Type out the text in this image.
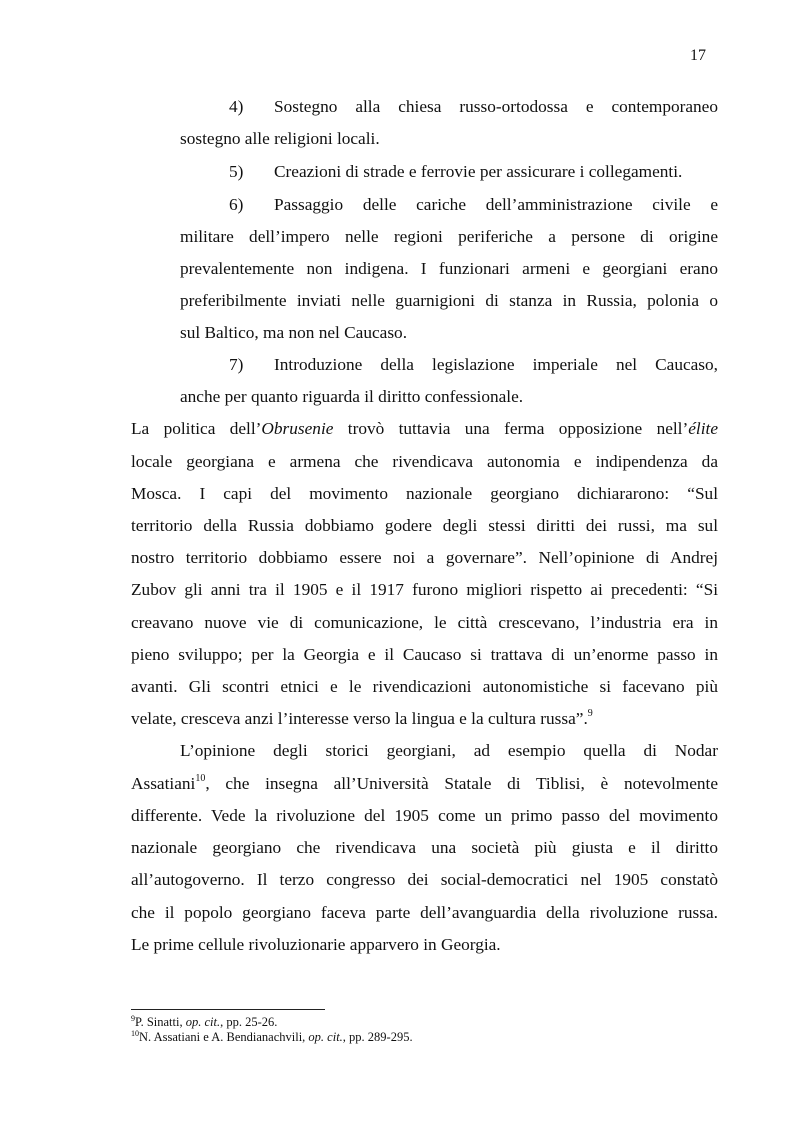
17
4) Sostegno alla chiesa russo-ortodossa e contemporaneo
sostegno alle religioni locali.
5) Creazioni di strade e ferrovie per assicurare i collegamenti.
6) Passaggio delle cariche dell’amministrazione civile e
militare dell’impero nelle regioni periferiche a persone di origine
prevalentemente non indigena. I funzionari armeni e georgiani erano
preferibilmente inviati nelle guarnigioni di stanza in Russia, polonia o
sul Baltico, ma non nel Caucaso.
7) Introduzione della legislazione imperiale nel Caucaso,
anche per quanto riguarda il diritto confessionale.
La politica dell’Obrusenie trovò tuttavia una ferma opposizione nell’élite
locale georgiana e armena che rivendicava autonomia e indipendenza da
Mosca. I capi del movimento nazionale georgiano dichiararono: “Sul
territorio della Russia dobbiamo godere degli stessi diritti dei russi, ma sul
nostro territorio dobbiamo essere noi a governare”. Nell’opinione di Andrej
Zubov gli anni tra il 1905 e il 1917 furono migliori rispetto ai precedenti: “Si
creavano nuove vie di comunicazione, le città crescevano, l’industria era in
pieno sviluppo; per la Georgia e il Caucaso si trattava di un’enorme passo in
avanti. Gli scontri etnici e le rivendicazioni autonomistiche si facevano più
velate, cresceva anzi l’interesse verso la lingua e la cultura russa”.$^9$
L’opinione degli storici georgiani, ad esempio quella di Nodar
Assatiani$^{10}$, che insegna all’Università Statale di Tiblisi, è notevolmente
differente. Vede la rivoluzione del 1905 come un primo passo del movimento
nazionale georgiano che rivendicava una società più giusta e il diritto
all’autogoverno. Il terzo congresso dei social-democratici nel 1905 constatò
che il popolo georgiano faceva parte dell’avanguardia della rivoluzione russa.
Le prime cellule rivoluzionarie apparvero in Georgia.
$^9$P. Sinatti, op. cit., pp. 25-26.
$^{10}$N. Assatiani e A. Bendianachvili, op. cit., pp. 289-295.
